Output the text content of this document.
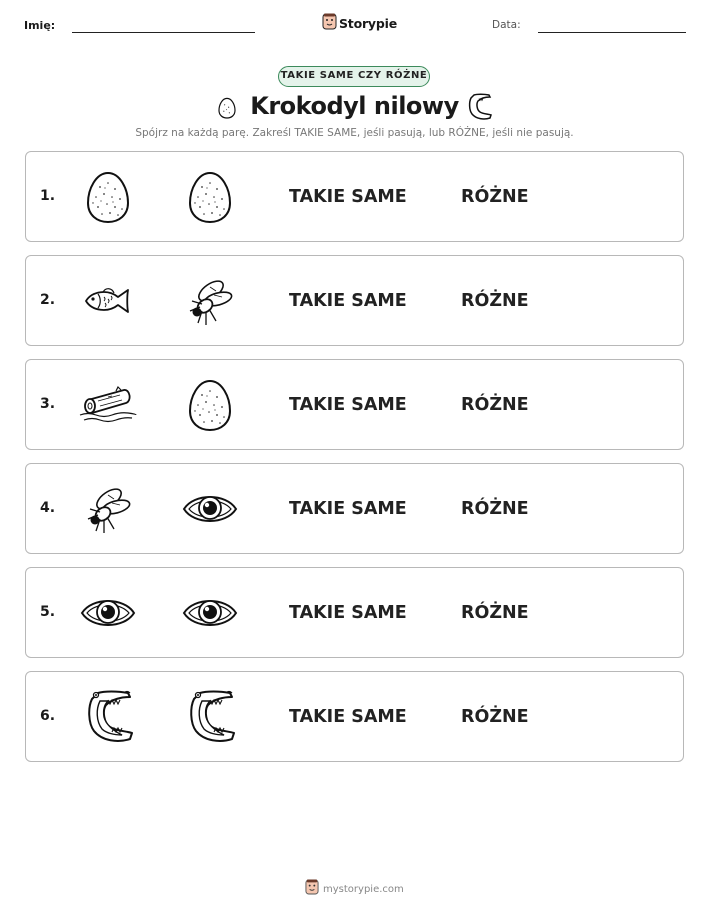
Imię:	Storypie	Data:
TAKIE SAME CZY RÓŻNE
Krokodyl nilowy
Spójrz na każdą parę. Zakreśl TAKIE SAME, jeśli pasują, lub RÓŻNE, jeśli nie pasują.
1.	TAKIE SAME	RÓŻNE
2.	TAKIE SAME	RÓŻNE
3.	TAKIE SAME	RÓŻNE
4.	TAKIE SAME	RÓŻNE
5.	TAKIE SAME	RÓŻNE
6.	TAKIE SAME	RÓŻNE
mystorypie.com
